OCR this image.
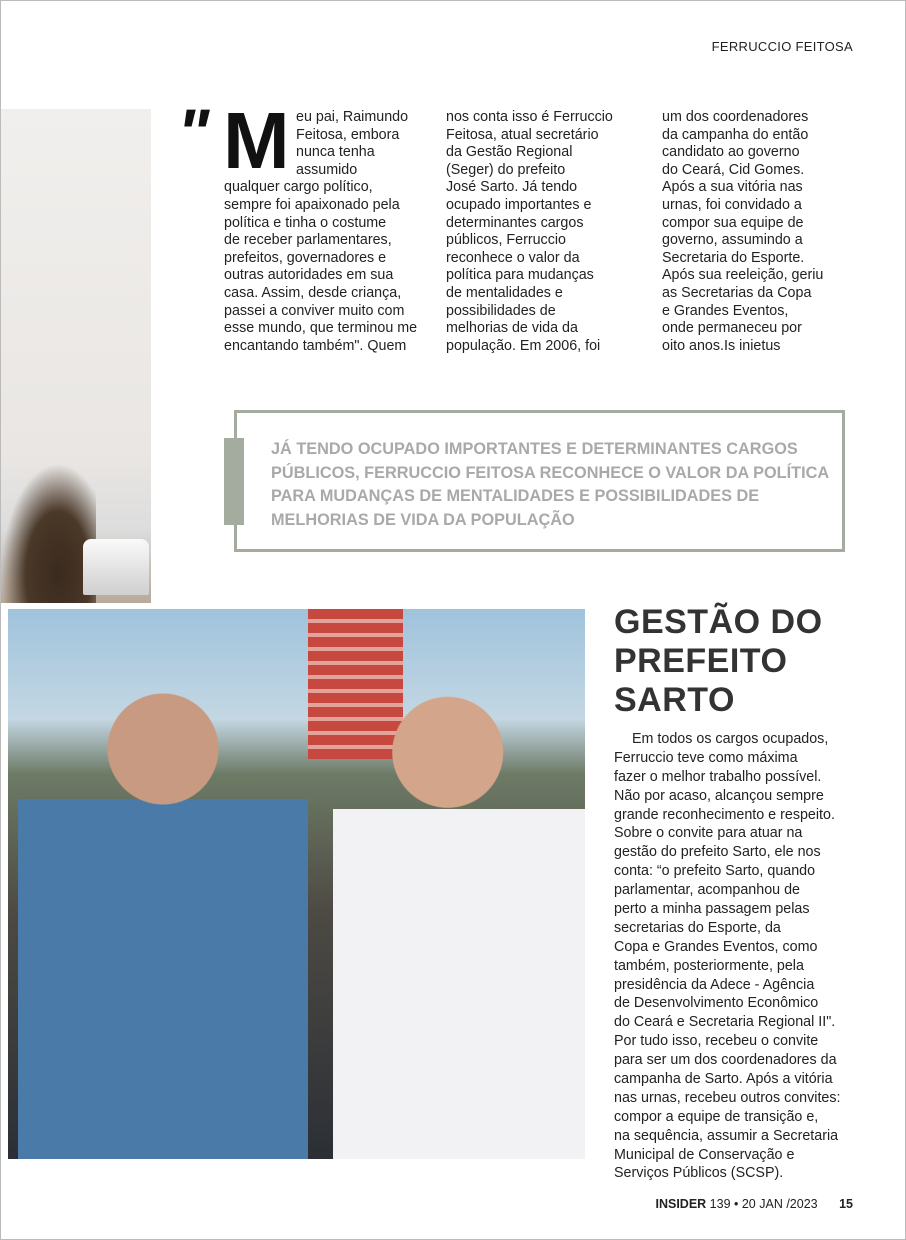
FERRUCCIO FEITOSA
" M eu pai, Raimundo
Feitosa, embora
nunca tenha
assumido
qualquer cargo político,
sempre foi apaixonado pela
política e tinha o costume
de receber parlamentares,
prefeitos, governadores e
outras autoridades em sua
casa. Assim, desde criança,
passei a conviver muito com
esse mundo, que terminou me
encantando também". Quem
nos conta isso é Ferruccio
Feitosa, atual secretário
da Gestão Regional
(Seger) do prefeito
José Sarto. Já tendo
ocupado importantes e
determinantes cargos
públicos, Ferruccio
reconhece o valor da
política para mudanças
de mentalidades e
possibilidades de
melhorias de vida da
população. Em 2006, foi
um dos coordenadores
da campanha do então
candidato ao governo
do Ceará, Cid Gomes.
Após a sua vitória nas
urnas, foi convidado a
compor sua equipe de
governo, assumindo a
Secretaria do Esporte.
Após sua reeleição, geriu
as Secretarias da Copa
e Grandes Eventos,
onde permaneceu por
oito anos.Is inietus
JÁ TENDO OCUPADO IMPORTANTES E DETERMINANTES CARGOS
PÚBLICOS, FERRUCCIO FEITOSA RECONHECE O VALOR DA POLÍTICA
PARA MUDANÇAS DE MENTALIDADES E POSSIBILIDADES DE
MELHORIAS DE VIDA DA POPULAÇÃO
GESTÃO DO
PREFEITO
SARTO
Em todos os cargos ocupados,
Ferruccio teve como máxima
fazer o melhor trabalho possível.
Não por acaso, alcançou sempre
grande reconhecimento e respeito.
Sobre o convite para atuar na
gestão do prefeito Sarto, ele nos
conta: “o prefeito Sarto, quando
parlamentar, acompanhou de
perto a minha passagem pelas
secretarias do Esporte, da
Copa e Grandes Eventos, como
também, posteriormente, pela
presidência da Adece - Agência
de Desenvolvimento Econômico
do Ceará e Secretaria Regional II".
Por tudo isso, recebeu o convite
para ser um dos coordenadores da
campanha de Sarto. Após a vitória
nas urnas, recebeu outros convites:
compor a equipe de transição e,
na sequência, assumir a Secretaria
Municipal de Conservação e
Serviços Públicos (SCSP).
INSIDER 139 • 20 JAN /2023 15
